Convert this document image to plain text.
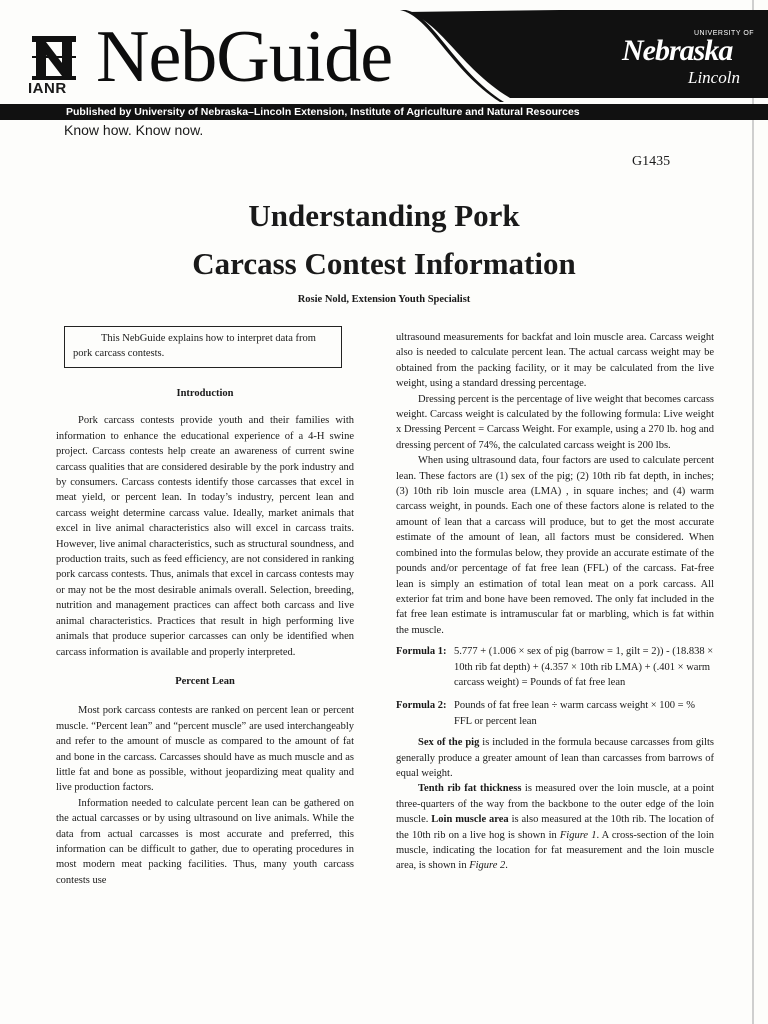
IANR NebGuide	UNIVERSITY OF
Nebraska
Lincoln
Published by University of Nebraska–Lincoln Extension, Institute of Agriculture and Natural Resources
Know how. Know now.
G1435
Understanding Pork
Carcass Contest Information
Rosie Nold, Extension Youth Specialist
This NebGuide explains how to interpret data from pork carcass contests.

Introduction

Pork carcass contests provide youth and their families with information to enhance the educational experience of a 4-H swine project. Carcass contests help create an awareness of current swine carcass qualities that are considered desirable by the pork industry and by consumers. Carcass contests identify those carcasses that excel in meat yield, or percent lean. In today’s industry, percent lean and carcass weight determine carcass value. Ideally, market animals that excel in live animal characteristics also will excel in carcass traits. However, live animal characteristics, such as structural soundness, and production traits, such as feed efficiency, are not considered in ranking pork carcass contests. Thus, animals that excel in carcass contests may or may not be the most desirable animals overall. Selection, breeding, nutrition and management practices can affect both carcass and live animal characteristics. Practices that result in high performing live animals that produce superior carcasses can only be identified when carcass information is available and properly interpreted.

Percent Lean

Most pork carcass contests are ranked on percent lean or percent muscle. “Percent lean” and “percent muscle” are used interchangeably and refer to the amount of muscle as compared to the amount of fat and bone in the carcass. Carcasses should have as much muscle and as little fat and bone as possible, without jeopardizing meat quality and live production factors.

Information needed to calculate percent lean can be gathered on the actual carcasses or by using ultrasound on live animals. While the data from actual carcasses is most accurate and preferred, this information can be difficult to gather, due to operating procedures in most modern meat packing facilities. Thus, many youth carcass contests use

ultrasound measurements for backfat and loin muscle area. Carcass weight also is needed to calculate percent lean. The actual carcass weight may be obtained from the packing facility, or it may be calculated from the live weight, using a standard dressing percentage.

Dressing percent is the percentage of live weight that becomes carcass weight. Carcass weight is calculated by the following formula: Live weight x Dressing Percent = Carcass Weight. For example, using a 270 lb. hog and dressing percent of 74%, the calculated carcass weight is 200 lbs.

When using ultrasound data, four factors are used to calculate percent lean. These factors are (1) sex of the pig; (2) 10th rib fat depth, in inches; (3) 10th rib loin muscle area (LMA) , in square inches; and (4) warm carcass weight, in pounds. Each one of these factors alone is related to the amount of lean that a carcass will produce, but to get the most accurate estimate of the amount of lean, all factors must be considered. When combined into the formulas below, they provide an accurate estimate of the pounds and/or percentage of fat free lean (FFL) of the carcass. Fat-free lean is simply an estimation of total lean meat on a pork carcass. All exterior fat trim and bone have been removed. The only fat included in the fat free lean estimate is intramuscular fat or marbling, which is fat within the muscle.

Formula 1: 5.777 + (1.006 × sex of pig (barrow = 1, gilt = 2)) - (18.838 × 10th rib fat depth) + (4.357 × 10th rib LMA) + (.401 × warm carcass weight) = Pounds of fat free lean
Formula 2: Pounds of fat free lean ÷ warm carcass weight × 100 = % FFL or percent lean

Sex of the pig is included in the formula because carcasses from gilts generally produce a greater amount of lean than carcasses from barrows of equal weight.

Tenth rib fat thickness is measured over the loin muscle, at a point three-quarters of the way from the backbone to the outer edge of the loin muscle. Loin muscle area is also measured at the 10th rib. The location of the 10th rib on a live hog is shown in Figure 1. A cross-section of the loin muscle, indicating the location for fat measurement and the loin muscle area, is shown in Figure 2.
